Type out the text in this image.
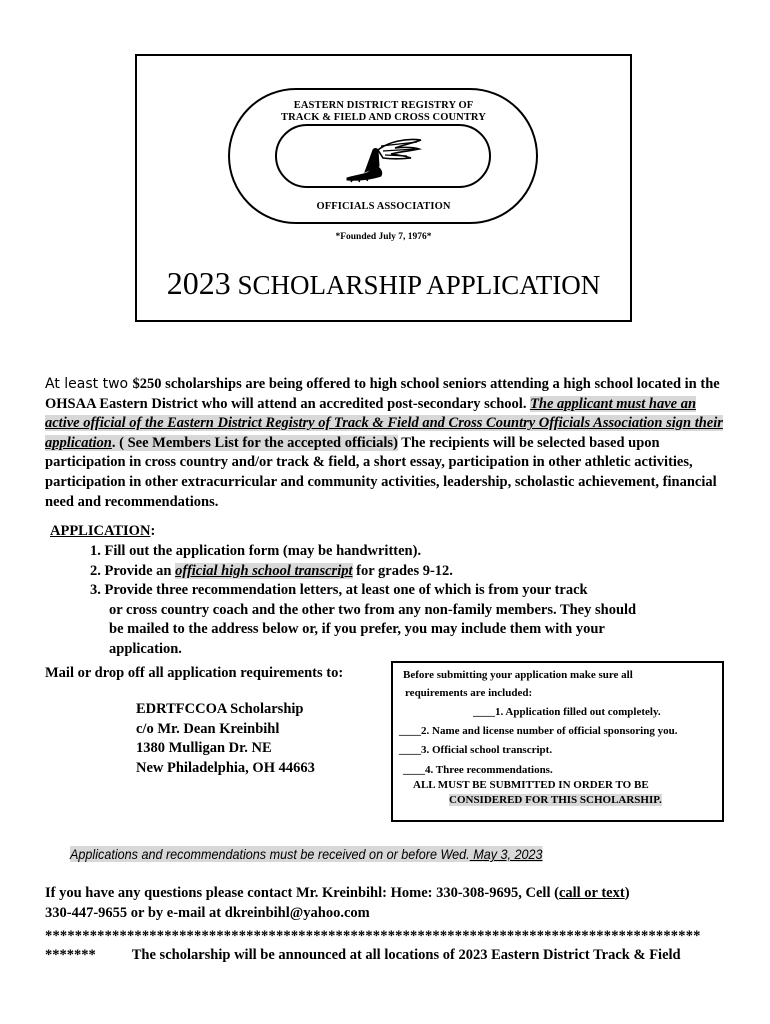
EASTERN DISTRICT REGISTRY OF
TRACK & FIELD AND CROSS COUNTRY
OFFICIALS ASSOCIATION
*Founded July 7, 1976*
2023 SCHOLARSHIP APPLICATION
At least two $250 scholarships are being offered to high school seniors attending a high school located in the OHSAA Eastern District who will attend an accredited post-secondary school. The applicant must have an active official of the Eastern District Registry of Track & Field and Cross Country Officials Association sign their application. ( See Members List for the accepted officials) The recipients will be selected based upon participation in cross country and/or track & field, a short essay, participation in other athletic activities, participation in other extracurricular and community activities, leadership, scholastic achievement, financial need and recommendations.
APPLICATION:
1. Fill out the application form (may be handwritten).
2. Provide an official high school transcript for grades 9-12.
3. Provide three recommendation letters, at least one of which is from your track
or cross country coach and the other two from any non-family members. They should
be mailed to the address below or, if you prefer, you may include them with your
application.
Mail or drop off all application requirements to:
EDRTFCCOA Scholarship
c/o Mr. Dean Kreinbihl
1380 Mulligan Dr. NE
New Philadelphia, OH 44663
Before submitting your application make sure all
requirements are included:
____1. Application filled out completely.
____2. Name and license number of official sponsoring you.
____3. Official school transcript.
____4. Three recommendations.
ALL MUST BE SUBMITTED IN ORDER TO BE
CONSIDERED FOR THIS SCHOLARSHIP.
Applications and recommendations must be received on or before Wed. May 3, 2023
If you have any questions please contact Mr. Kreinbihl: Home: 330-308-9695, Cell (call or text)
330-447-9655 or by e-mail at dkreinbihl@yahoo.com
****************************************************************************************
******* The scholarship will be announced at all locations of 2023 Eastern District Track & Field
